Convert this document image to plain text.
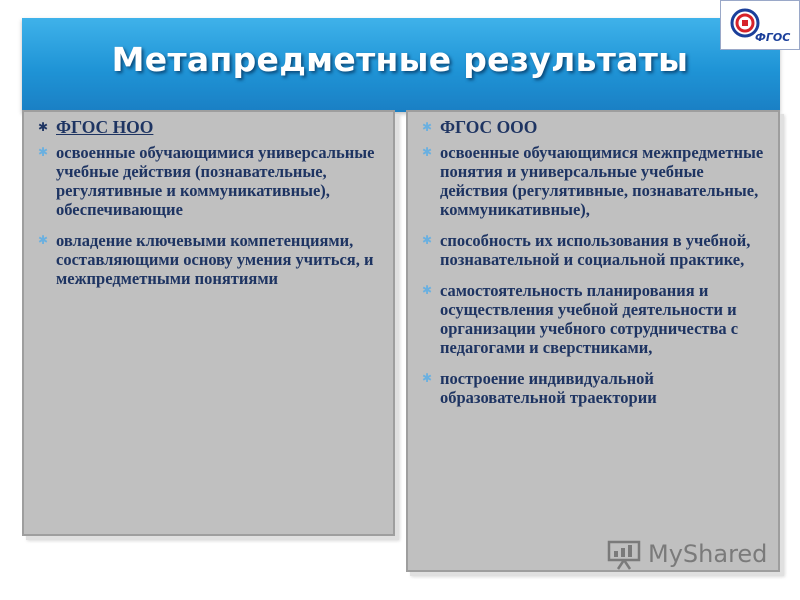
Метапредметные результаты
ФГОС
✱ ФГОС НОО
✱ освоенные обучающимися универсальные учебные действия (познавательные, регулятивные и коммуникативные), обеспечивающие
✱ овладение ключевыми компетенциями, составляющими основу умения учиться, и межпредметными понятиями
✱ ФГОС ООО
✱ освоенные обучающимися межпредметные понятия и универсальные учебные действия (регулятивные, познавательные, коммуникативные),
✱ способность их использования в учебной, познавательной и социальной практике,
✱ самостоятельность планирования и осуществления учебной деятельности и организации учебного сотрудничества с педагогами и сверстниками,
✱ построение индивидуальной образовательной траектории
MyShared
